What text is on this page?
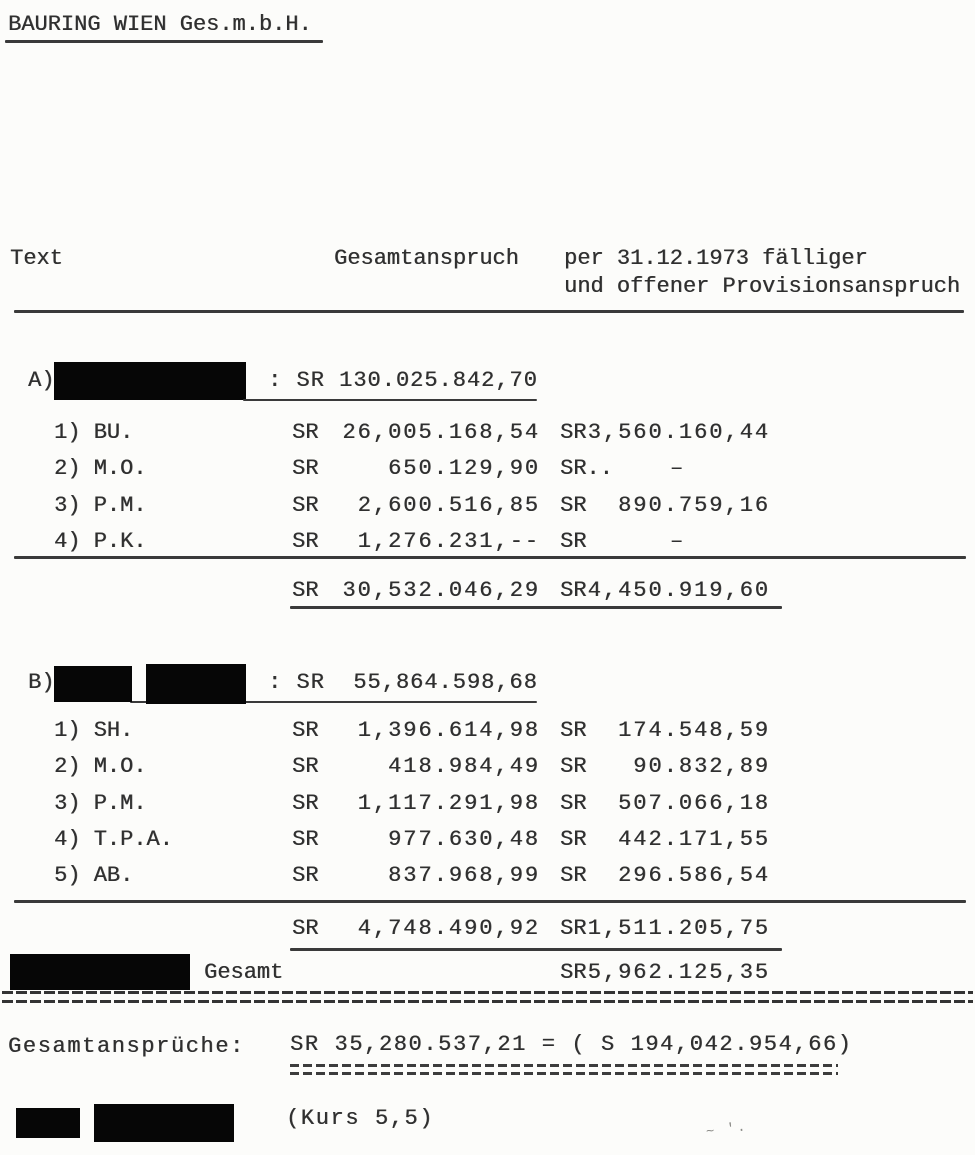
BAURING WIEN Ges.m.b.H.
Text	Gesamtanspruch per 31.12.1973 fälliger
und offener Provisionsanspruch
A)	: SR 130.025.842,70
1) BU.	SR	26,005.168,54 SR 3,560.160,44
2) M.O.	SR	650.129,90 SR..	–
3) P.M.	SR	2,600.516,85 SR	890.759,16
4) P.K.	SR	1,276.231,-- SR	–
SR	30,532.046,29 SR 4,450.919,60
B)	: SR  55,864.598,68
1) SH.	SR	1,396.614,98 SR	174.548,59
2) M.O.	SR	418.984,49 SR	90.832,89
3) P.M.	SR	1,117.291,98 SR	507.066,18
4) T.P.A.	SR	977.630,48 SR	442.171,55
5) AB.	SR	837.968,99 SR	296.586,54
SR	4,748.490,92 SR 1,511.205,75
Gesamt	SR 5,962.125,35
Gesamtansprüche: SR 35,280.537,21 = ( S 194,042.954,66)
(Kurs 5,5)	~ '.
